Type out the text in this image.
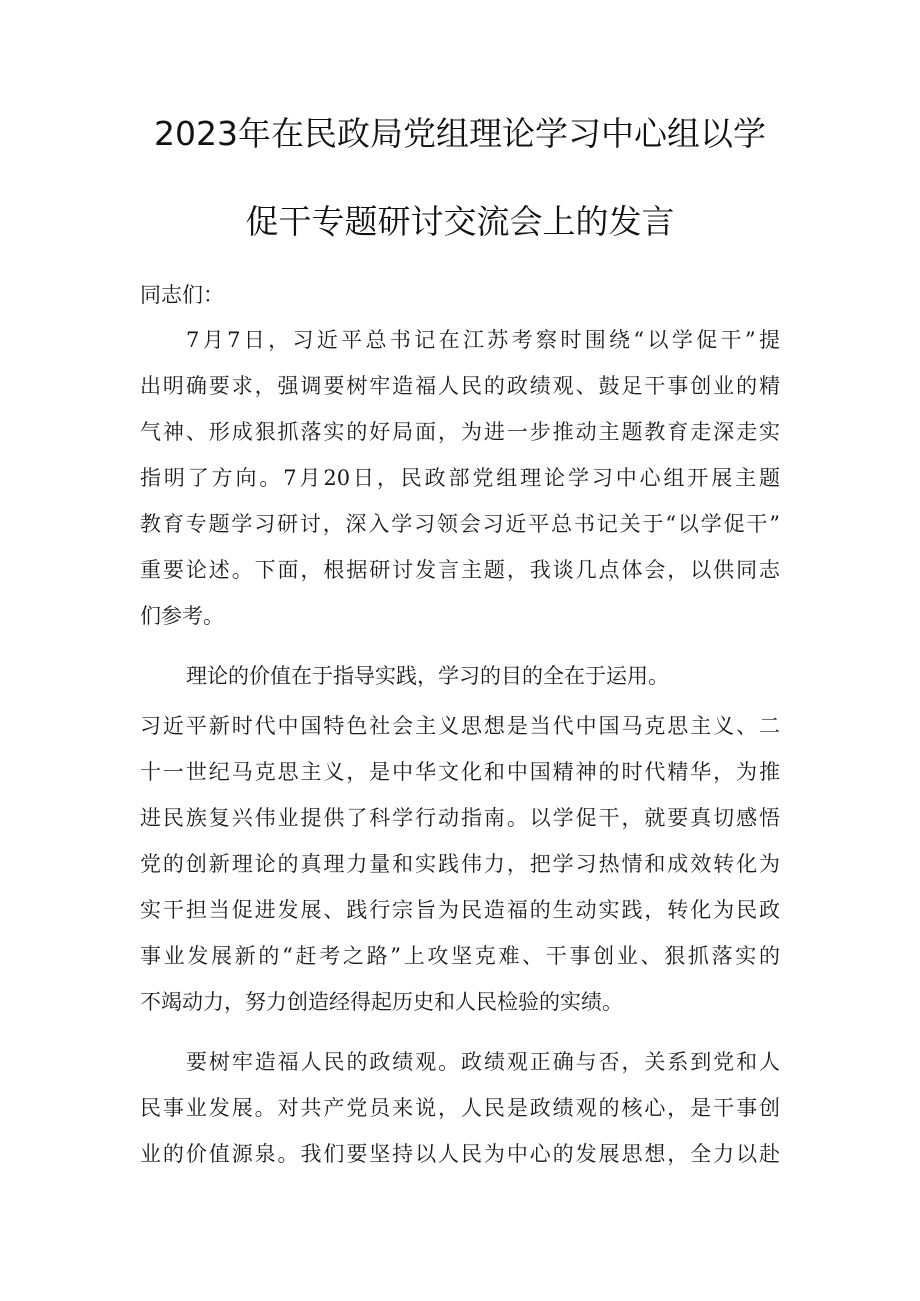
2023年在民政局党组理论学习中心组以学
促干专题研讨交流会上的发言
同志们：
7月7日，习近平总书记在江苏考察时围绕“以学促干”提
出明确要求，强调要树牢造福人民的政绩观、鼓足干事创业的精
气神、形成狠抓落实的好局面，为进一步推动主题教育走深走实
指明了方向。7月20日，民政部党组理论学习中心组开展主题
教育专题学习研讨，深入学习领会习近平总书记关于“以学促干”
重要论述。下面，根据研讨发言主题，我谈几点体会，以供同志
们参考。
理论的价值在于指导实践，学习的目的全在于运用。
习近平新时代中国特色社会主义思想是当代中国马克思主义、二
十一世纪马克思主义，是中华文化和中国精神的时代精华，为推
进民族复兴伟业提供了科学行动指南。以学促干，就要真切感悟
党的创新理论的真理力量和实践伟力，把学习热情和成效转化为
实干担当促进发展、践行宗旨为民造福的生动实践，转化为民政
事业发展新的“赶考之路”上攻坚克难、干事创业、狠抓落实的
不竭动力，努力创造经得起历史和人民检验的实绩。
要树牢造福人民的政绩观。政绩观正确与否，关系到党和人
民事业发展。对共产党员来说，人民是政绩观的核心，是干事创
业的价值源泉。我们要坚持以人民为中心的发展思想，全力以赴
